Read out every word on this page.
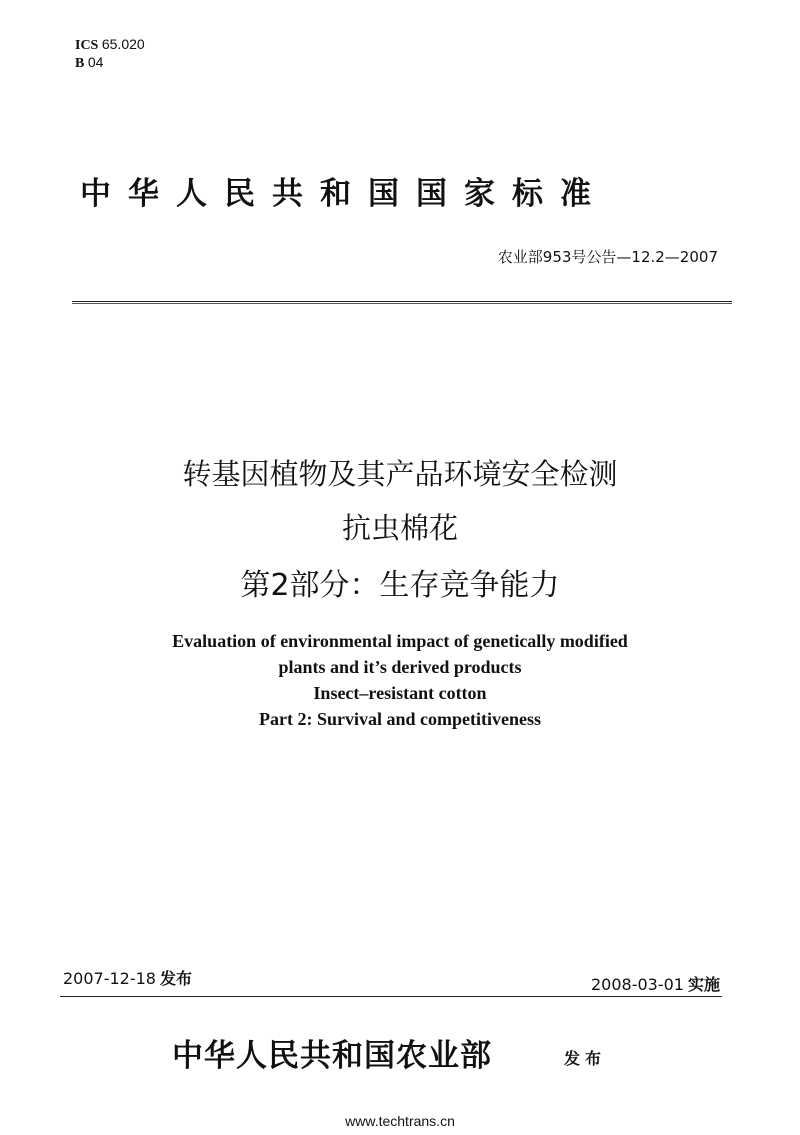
ICS 65.020
B 04
中华人民共和国国家标准
农业部953号公告—12.2—2007
转基因植物及其产品环境安全检测
抗虫棉花
第2部分：生存竞争能力
Evaluation of environmental impact of genetically modified
plants and it’s derived products
Insect–resistant cotton
Part 2: Survival and competitiveness
2007-12-18 发布	2008-03-01 实施
中华人民共和国农业部	发布
www.techtrans.cn
